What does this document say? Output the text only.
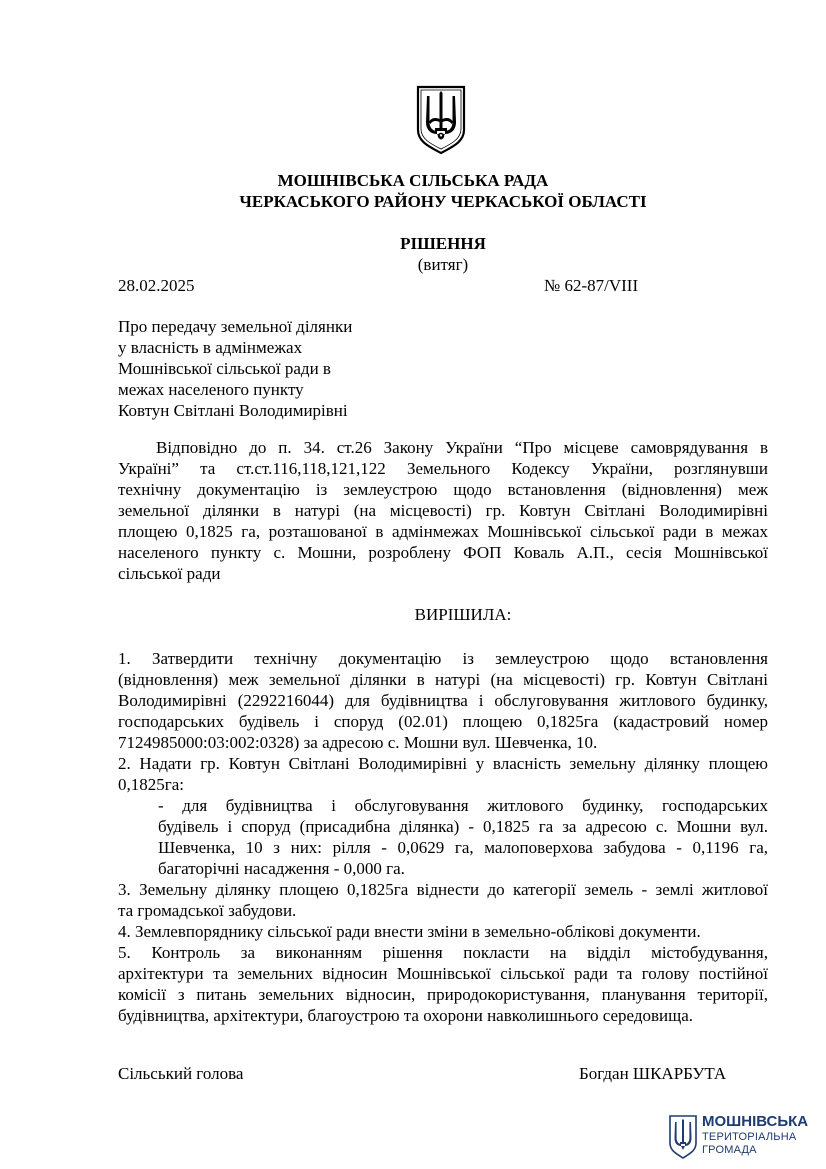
МОШНІВСЬКА СІЛЬСЬКА РАДА
ЧЕРКАСЬКОГО РАЙОНУ ЧЕРКАСЬКОЇ ОБЛАСТІ
РІШЕННЯ
(витяг)
28.02.2025	№ 62-87/VIII
Про передачу земельної ділянки
у власність в адмінмежах
Мошнівської сільської ради в
межах населеного пункту
Ковтун Світлані Володимирівні
Відповідно до п. 34. ст.26 Закону України “Про місцеве самоврядування в
Україні” та ст.ст.116,118,121,122 Земельного Кодексу України, розглянувши
технічну документацію із землеустрою щодо встановлення (відновлення) меж
земельної ділянки в натурі (на місцевості) гр. Ковтун Світлані Володимирівні
площею 0,1825 га, розташованої в адмінмежах Мошнівської сільської ради в межах
населеного пункту с. Мошни, розроблену ФОП Коваль А.П., сесія Мошнівської
сільської ради
ВИРІШИЛА:
1. Затвердити технічну документацію із землеустрою щодо встановлення
(відновлення) меж земельної ділянки в натурі (на місцевості) гр. Ковтун Світлані
Володимирівні (2292216044) для будівництва і обслуговування житлового будинку,
господарських будівель і споруд (02.01) площею 0,1825га (кадастровий номер
7124985000:03:002:0328) за адресою с. Мошни вул. Шевченка, 10.
2. Надати гр. Ковтун Світлані Володимирівні у власність земельну ділянку площею
0,1825га:
- для будівництва і обслуговування житлового будинку, господарських
будівель і споруд (присадибна ділянка) - 0,1825 га за адресою с. Мошни вул.
Шевченка, 10 з них: рілля - 0,0629 га, малоповерхова забудова - 0,1196 га,
багаторічні насадження - 0,000 га.
3. Земельну ділянку площею 0,1825га віднести до категорії земель - землі житлової
та громадської забудови.
4. Землевпоряднику сільської ради внести зміни в земельно-облікові документи.
5. Контроль за виконанням рішення покласти на відділ містобудування,
архітектури та земельних відносин Мошнівської сільської ради та голову постійної
комісії з питань земельних відносин, природокористування, планування території,
будівництва, архітектури, благоустрою та охорони навколишнього середовища.
Сільський голова	Богдан ШКАРБУТА
МОШНІВСЬКА
ТЕРИТОРІАЛЬНА
ГРОМАДА
